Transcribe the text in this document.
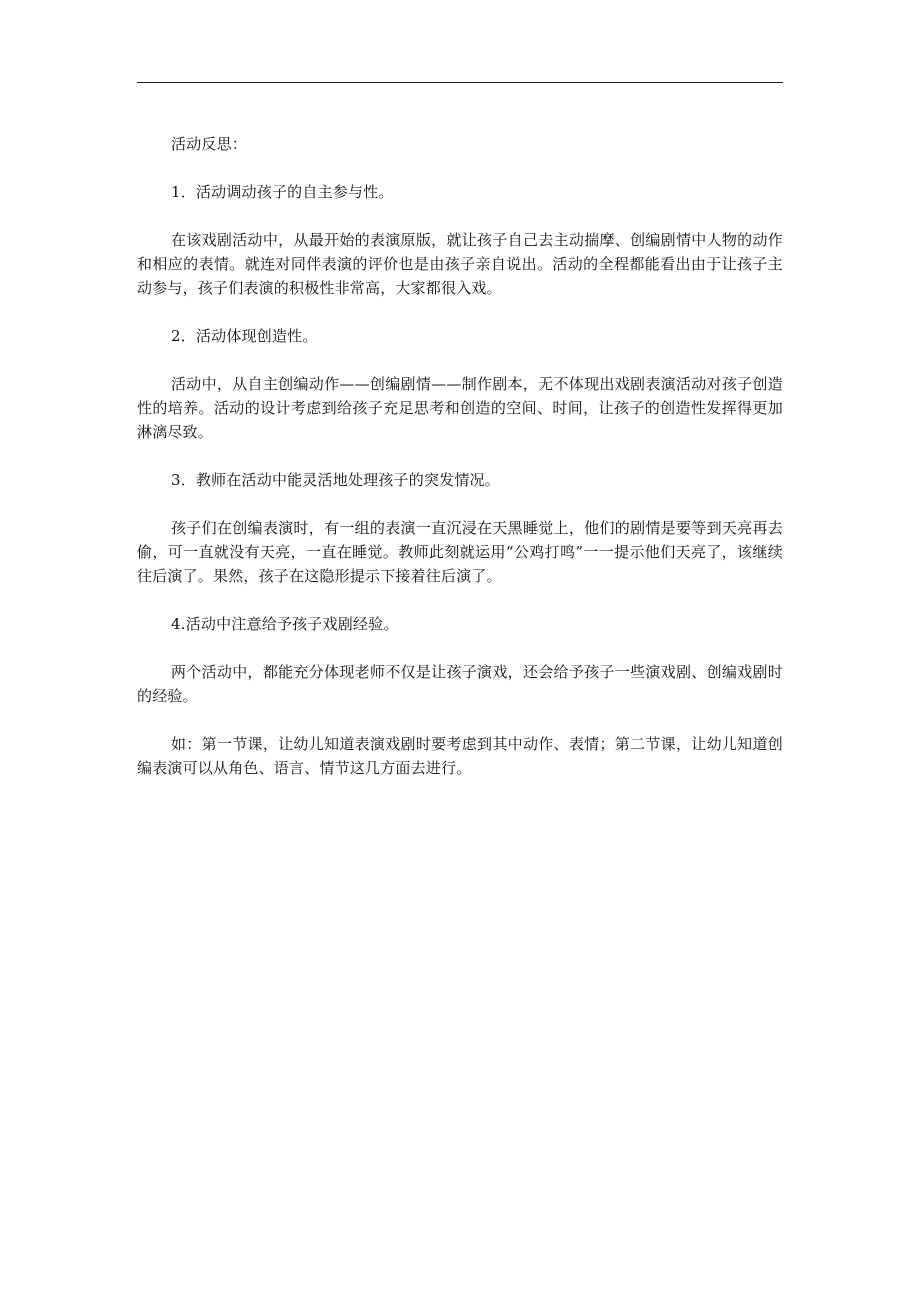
活动反思：

1．活动调动孩子的自主参与性。

在该戏剧活动中，从最开始的表演原版，就让孩子自己去主动揣摩、创编剧情中人物的动作和相应的表情。就连对同伴表演的评价也是由孩子亲自说出。活动的全程都能看出由于让孩子主动参与，孩子们表演的积极性非常高，大家都很入戏。

2．活动体现创造性。

活动中，从自主创编动作——创编剧情——制作剧本，无不体现出戏剧表演活动对孩子创造性的培养。活动的设计考虑到给孩子充足思考和创造的空间、时间，让孩子的创造性发挥得更加淋漓尽致。

3．教师在活动中能灵活地处理孩子的突发情况。

孩子们在创编表演时，有一组的表演一直沉浸在天黑睡觉上，他们的剧情是要等到天亮再去偷，可一直就没有天亮，一直在睡觉。教师此刻就运用“公鸡打鸣”一一提示他们天亮了，该继续往后演了。果然，孩子在这隐形提示下接着往后演了。

4.活动中注意给予孩子戏剧经验。

两个活动中，都能充分体现老师不仅是让孩子演戏，还会给予孩子一些演戏剧、创编戏剧时的经验。

如：第一节课，让幼儿知道表演戏剧时要考虑到其中动作、表情；第二节课，让幼儿知道创编表演可以从角色、语言、情节这几方面去进行。
